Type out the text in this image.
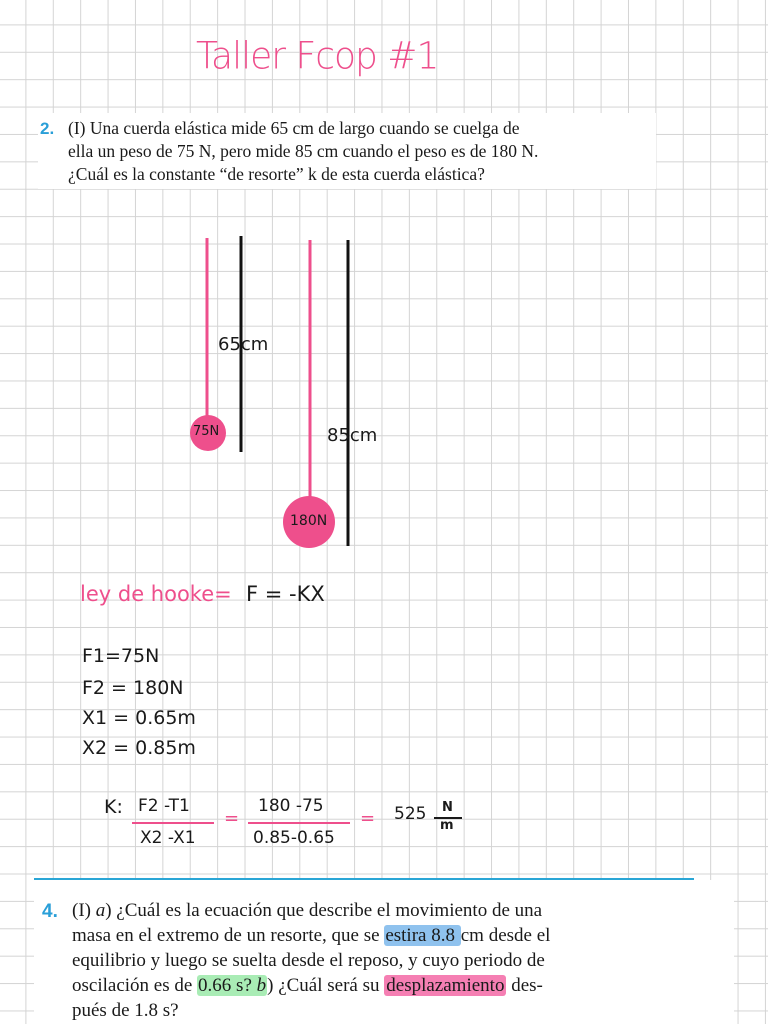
Taller Fcop #1
2. (I) Una cuerda elástica mide 65 cm de largo cuando se cuelga de
ella un peso de 75 N, pero mide 85 cm cuando el peso es de 180 N.
¿Cuál es la constante “de resorte” k de esta cuerda elástica?
65cm
75N	85cm
180N
ley de hooke= F = -KX
F1=75N
F2 = 180N
X1 = 0.65m
X2 = 0.85m
K: F2 -T1
X2 -X1
=
180 -75
0.85-0.65
= 525 N
m
4. (I) a) ¿Cuál es la ecuación que describe el movimiento de una
masa en el extremo de un resorte, que se estira 8.8 cm desde el
equilibrio y luego se suelta desde el reposo, y cuyo periodo de
oscilación es de 0.66 s? b) ¿Cuál será su desplazamiento des-
pués de 1.8 s?
